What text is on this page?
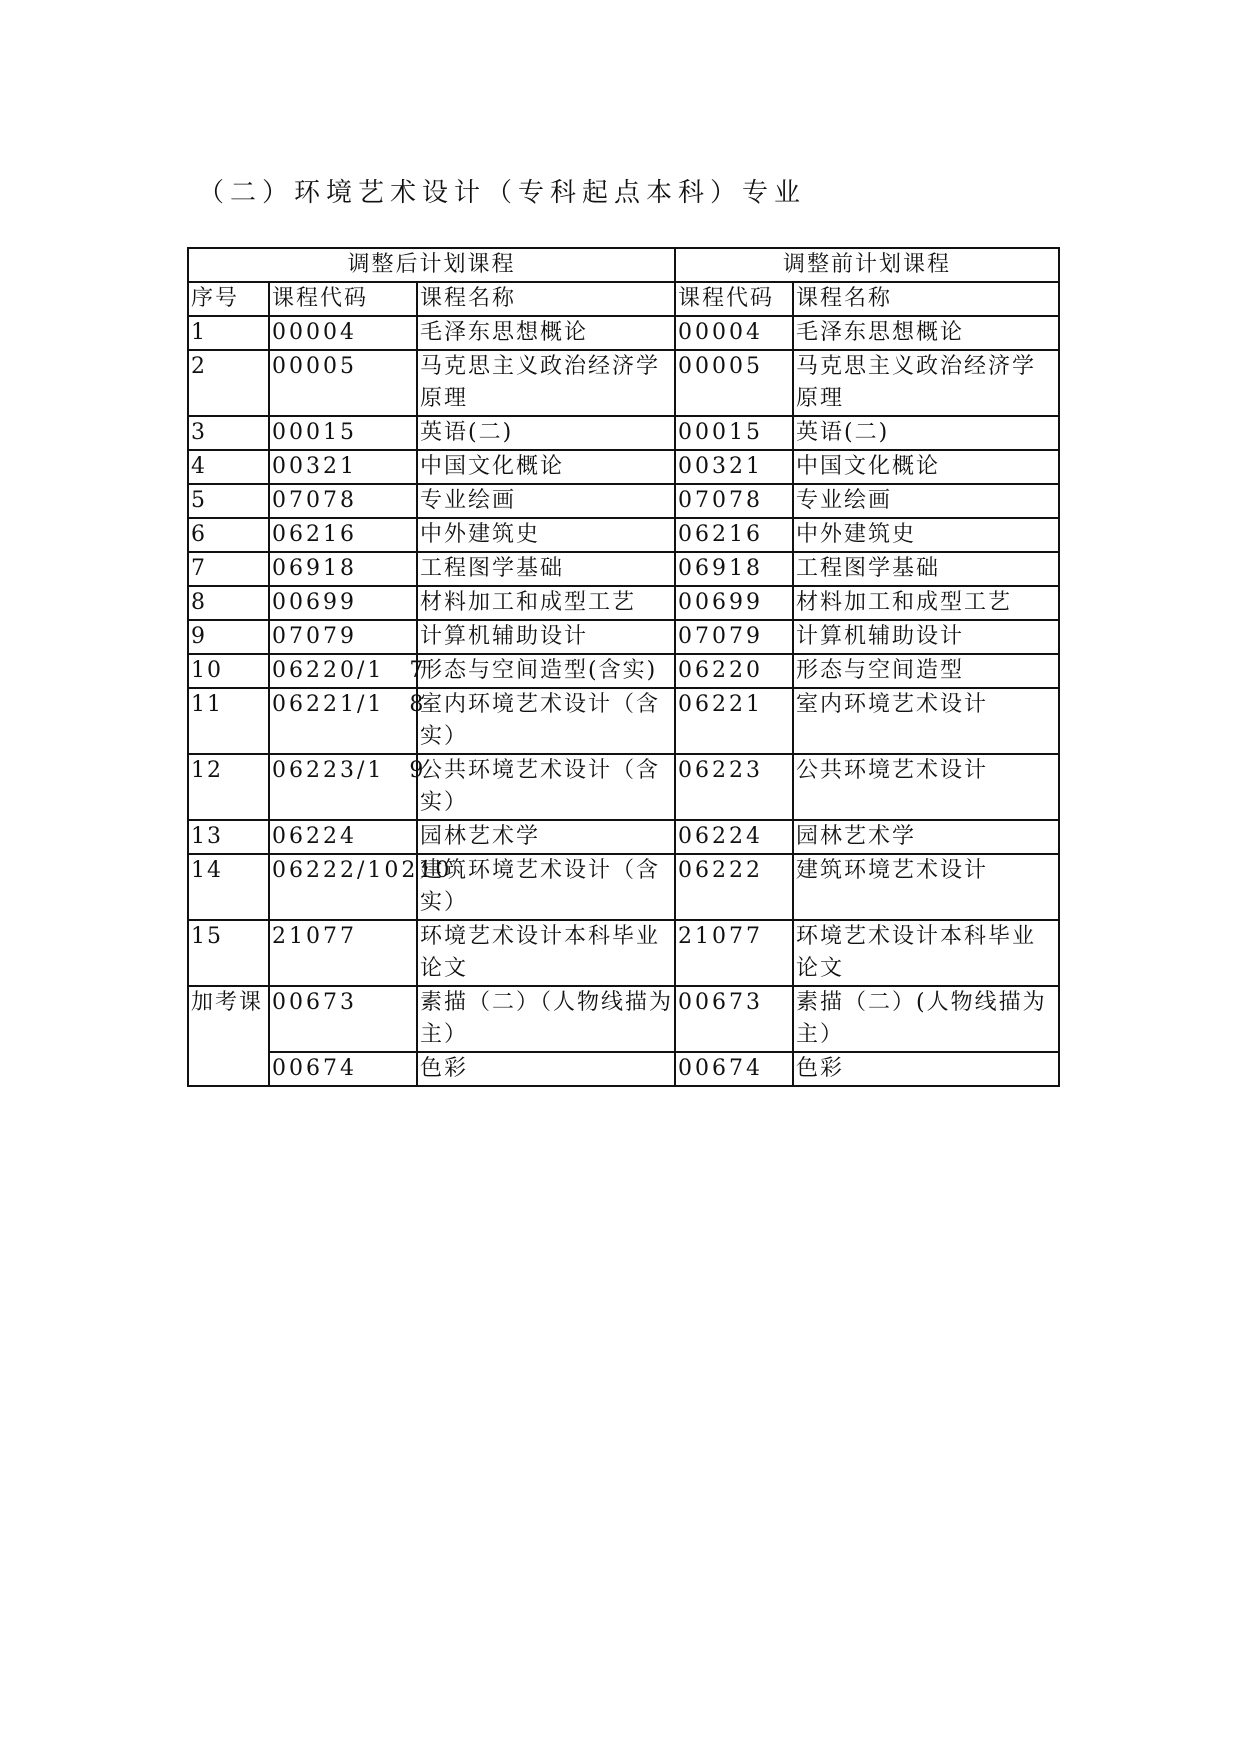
（二）环境艺术设计（专科起点本科）专业
调整后计划课程			调整前计划课程	
序号	课程代码	课程名称	课程代码	课程名称
1	00004	毛泽东思想概论	00004	毛泽东思想概论
2	00005	马克思主义政治经济学原理	00005	马克思主义政治经济学原理
3	00015	英语(二)	00015	英语(二)
4	00321	中国文化概论	00321	中国文化概论
5	07078	专业绘画	07078	专业绘画
6	06216	中外建筑史	06216	中外建筑史
7	06918	工程图学基础	06918	工程图学基础
8	00699	材料加工和成型工艺	00699	材料加工和成型工艺
9	07079	计算机辅助设计	07079	计算机辅助设计
10	06220/1　7	形态与空间造型(含实)	06220	形态与空间造型
11	06221/1　8	室内环境艺术设计（含实）	06221	室内环境艺术设计
12	06223/1　9	公共环境艺术设计（含实）	06223	公共环境艺术设计
13	06224	园林艺术学	06224	园林艺术学
14	06222/10210	建筑环境艺术设计（含实）	06222	建筑环境艺术设计
15	21077	环境艺术设计本科毕业论文	21077	环境艺术设计本科毕业论文
加考课	00673	素描（二）（人物线描为主）	00673	素描（二）(人物线描为主）
	00674	色彩	00674	色彩
